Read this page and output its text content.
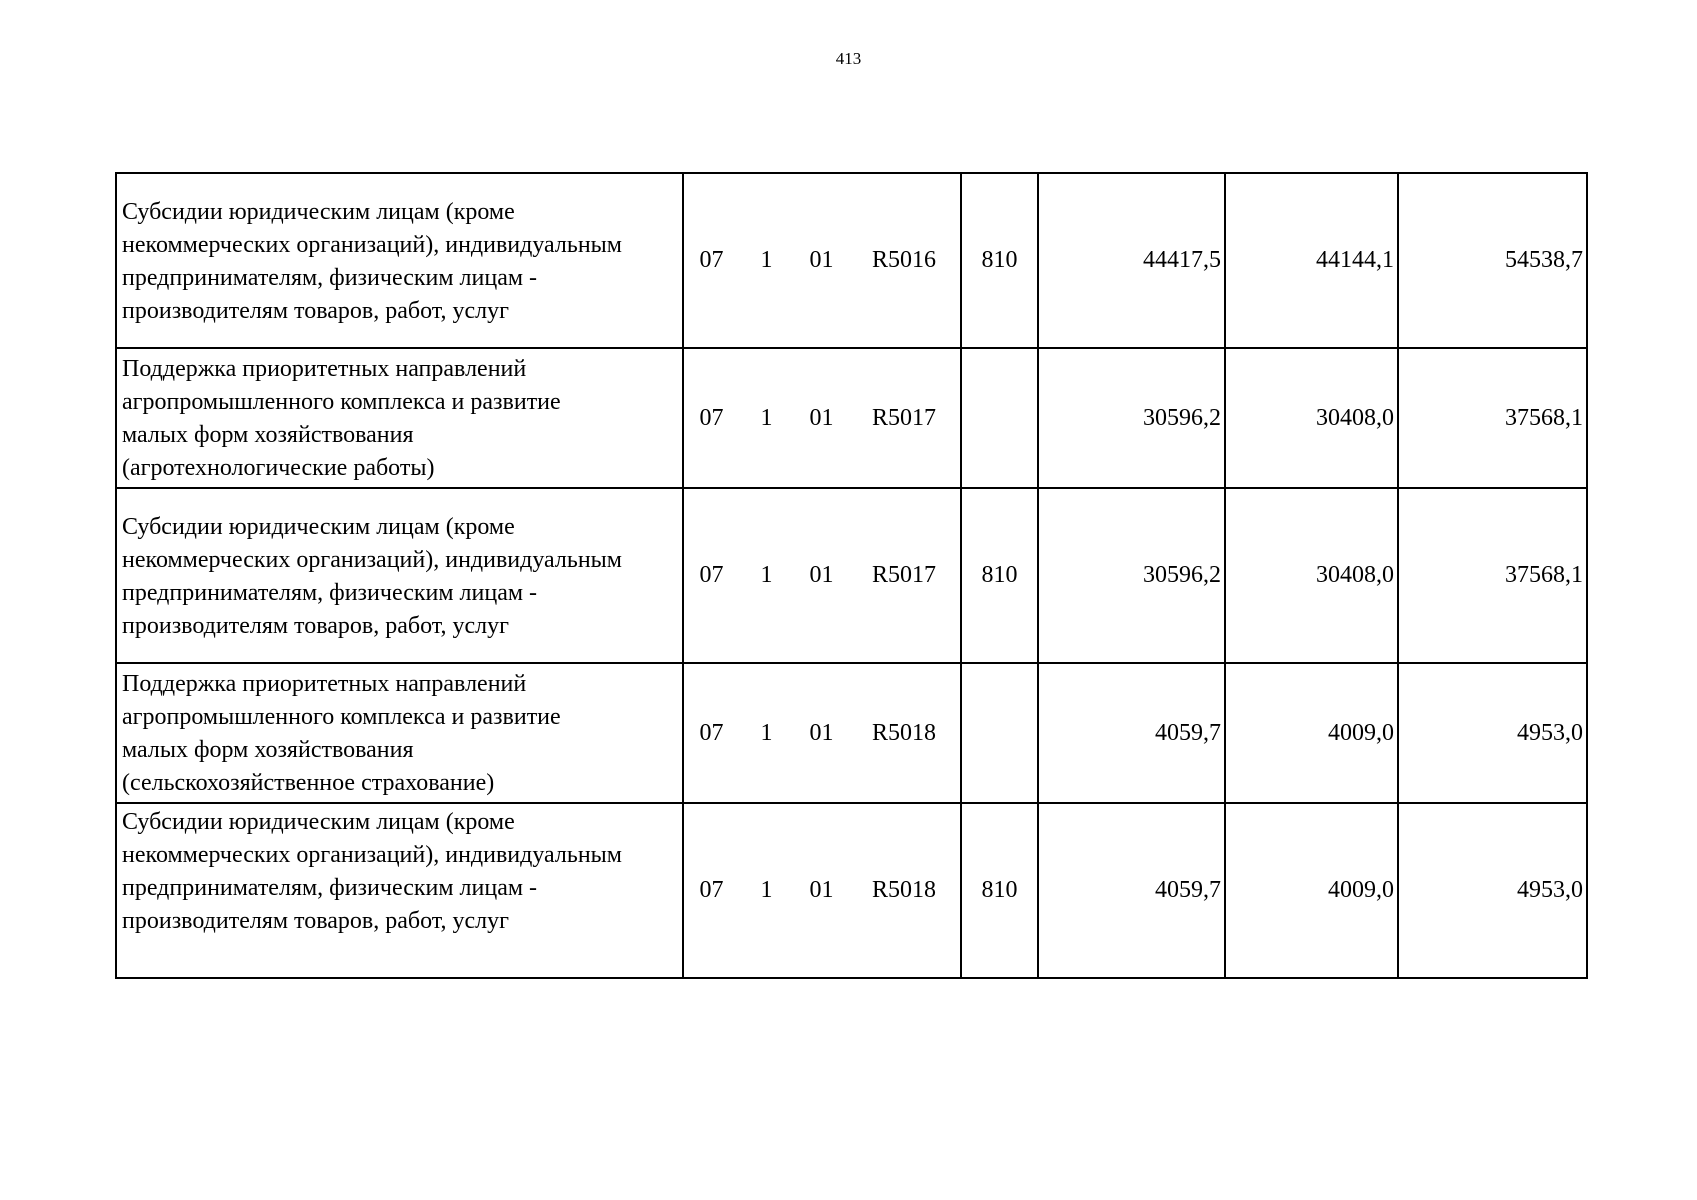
413
Субсидии юридическим лицам (кроме
некоммерческих организаций), индивидуальным
предпринимателям, физическим лицам -
производителям товаров, работ, услуг	07 1 01 R5016	810	44417,5	44144,1	54538,7

Поддержка приоритетных направлений
агропромышленного комплекса и развитие
малых форм хозяйствования
(агротехнологические работы)	07 1 01 R5017		30596,2	30408,0	37568,1

Субсидии юридическим лицам (кроме
некоммерческих организаций), индивидуальным
предпринимателям, физическим лицам -
производителям товаров, работ, услуг	07 1 01 R5017	810	30596,2	30408,0	37568,1

Поддержка приоритетных направлений
агропромышленного комплекса и развитие
малых форм хозяйствования
(сельскохозяйственное страхование)	07 1 01 R5018		4059,7	4009,0	4953,0

Субсидии юридическим лицам (кроме
некоммерческих организаций), индивидуальным
предпринимателям, физическим лицам -
производителям товаров, работ, услуг	07 1 01 R5018	810	4059,7	4009,0	4953,0
